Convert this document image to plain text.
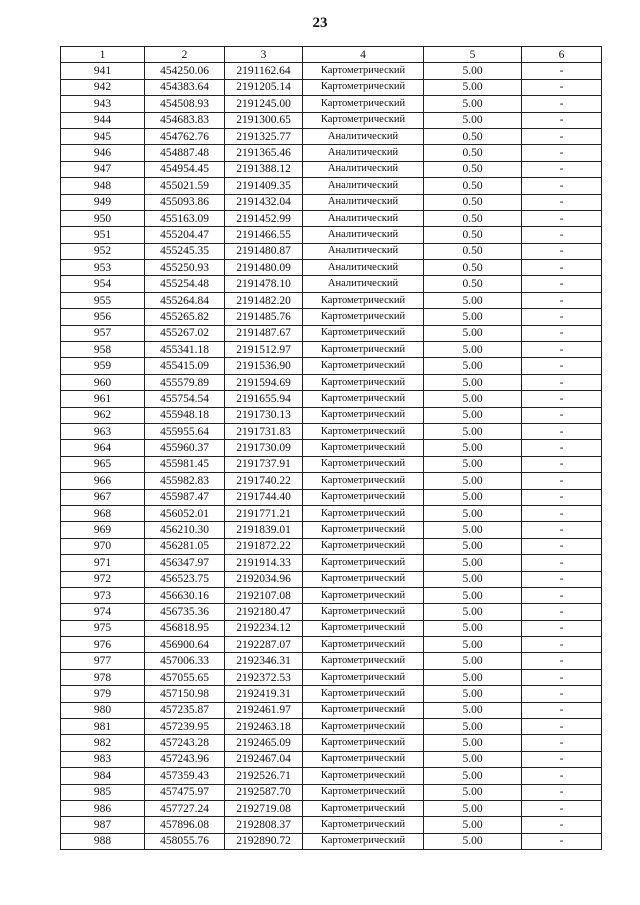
23
1	2	3	4	5	6
941	454250.06	2191162.64	Картометрический	5.00	-
942	454383.64	2191205.14	Картометрический	5.00	-
943	454508.93	2191245.00	Картометрический	5.00	-
944	454683.83	2191300.65	Картометрический	5.00	-
945	454762.76	2191325.77	Аналитический	0.50	-
946	454887.48	2191365.46	Аналитический	0.50	-
947	454954.45	2191388.12	Аналитический	0.50	-
948	455021.59	2191409.35	Аналитический	0.50	-
949	455093.86	2191432.04	Аналитический	0.50	-
950	455163.09	2191452.99	Аналитический	0.50	-
951	455204.47	2191466.55	Аналитический	0.50	-
952	455245.35	2191480.87	Аналитический	0.50	-
953	455250.93	2191480.09	Аналитический	0.50	-
954	455254.48	2191478.10	Аналитический	0.50	-
955	455264.84	2191482.20	Картометрический	5.00	-
956	455265.82	2191485.76	Картометрический	5.00	-
957	455267.02	2191487.67	Картометрический	5.00	-
958	455341.18	2191512.97	Картометрический	5.00	-
959	455415.09	2191536.90	Картометрический	5.00	-
960	455579.89	2191594.69	Картометрический	5.00	-
961	455754.54	2191655.94	Картометрический	5.00	-
962	455948.18	2191730.13	Картометрический	5.00	-
963	455955.64	2191731.83	Картометрический	5.00	-
964	455960.37	2191730.09	Картометрический	5.00	-
965	455981.45	2191737.91	Картометрический	5.00	-
966	455982.83	2191740.22	Картометрический	5.00	-
967	455987.47	2191744.40	Картометрический	5.00	-
968	456052.01	2191771.21	Картометрический	5.00	-
969	456210.30	2191839.01	Картометрический	5.00	-
970	456281.05	2191872.22	Картометрический	5.00	-
971	456347.97	2191914.33	Картометрический	5.00	-
972	456523.75	2192034.96	Картометрический	5.00	-
973	456630.16	2192107.08	Картометрический	5.00	-
974	456735.36	2192180.47	Картометрический	5.00	-
975	456818.95	2192234.12	Картометрический	5.00	-
976	456900.64	2192287.07	Картометрический	5.00	-
977	457006.33	2192346.31	Картометрический	5.00	-
978	457055.65	2192372.53	Картометрический	5.00	-
979	457150.98	2192419.31	Картометрический	5.00	-
980	457235.87	2192461.97	Картометрический	5.00	-
981	457239.95	2192463.18	Картометрический	5.00	-
982	457243.28	2192465.09	Картометрический	5.00	-
983	457243.96	2192467.04	Картометрический	5.00	-
984	457359.43	2192526.71	Картометрический	5.00	-
985	457475.97	2192587.70	Картометрический	5.00	-
986	457727.24	2192719.08	Картометрический	5.00	-
987	457896.08	2192808.37	Картометрический	5.00	-
988	458055.76	2192890.72	Картометрический	5.00	-
